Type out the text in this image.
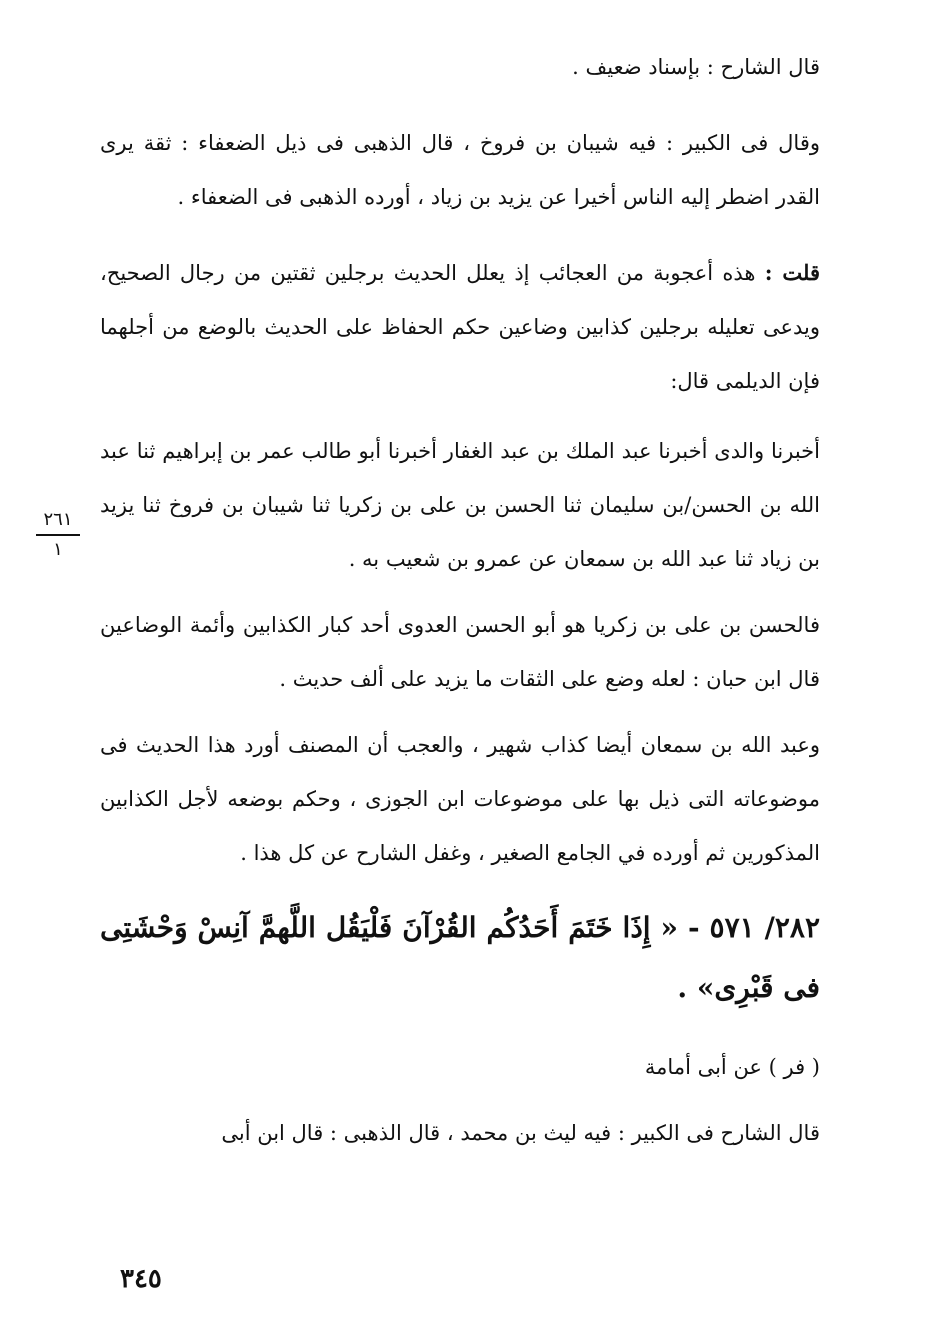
٢٦١
١

قال الشارح : بإسناد ضعيف .

وقال فى الكبير : فيه شيبان بن فروخ ، قال الذهبى فى ذيل الضعفاء : ثقة يرى القدر اضطر إليه الناس أخيرا عن يزيد بن زياد ، أورده الذهبى فى الضعفاء .

قلت : هذه أعجوبة من العجائب إذ يعلل الحديث برجلين ثقتين من رجال الصحيح، ويدعى تعليله برجلين كذابين وضاعين حكم الحفاظ على الحديث بالوضع من أجلهما فإن الديلمى قال:

أخبرنا والدى أخبرنا عبد الملك بن عبد الغفار أخبرنا أبو طالب عمر بن إبراهيم ثنا عبد الله بن الحسن/بن سليمان ثنا الحسن بن على بن زكريا ثنا شيبان بن فروخ ثنا يزيد بن زياد ثنا عبد الله بن سمعان عن عمرو بن شعيب به .

فالحسن بن على بن زكريا هو أبو الحسن العدوى أحد كبار الكذابين وأئمة الوضاعين قال ابن حبان : لعله وضع على الثقات ما يزيد على ألف حديث .

وعبد الله بن سمعان أيضا كذاب شهير ، والعجب أن المصنف أورد هذا الحديث فى موضوعاته التى ذيل بها على موضوعات ابن الجوزى ، وحكم بوضعه لأجل الكذابين المذكورين ثم أورده في الجامع الصغير ، وغفل الشارح عن كل هذا .

٢٨٢/ ٥٧١ - « إِذَا خَتَمَ أَحَدُكُم القُرْآنَ فَلْيَقُل اللَّهمَّ آنِسْ وَحْشَتِى فى قَبْرِى» .

( فر ) عن أبى أمامة

قال الشارح فى الكبير : فيه ليث بن محمد ، قال الذهبى : قال ابن أبى

٣٤٥
